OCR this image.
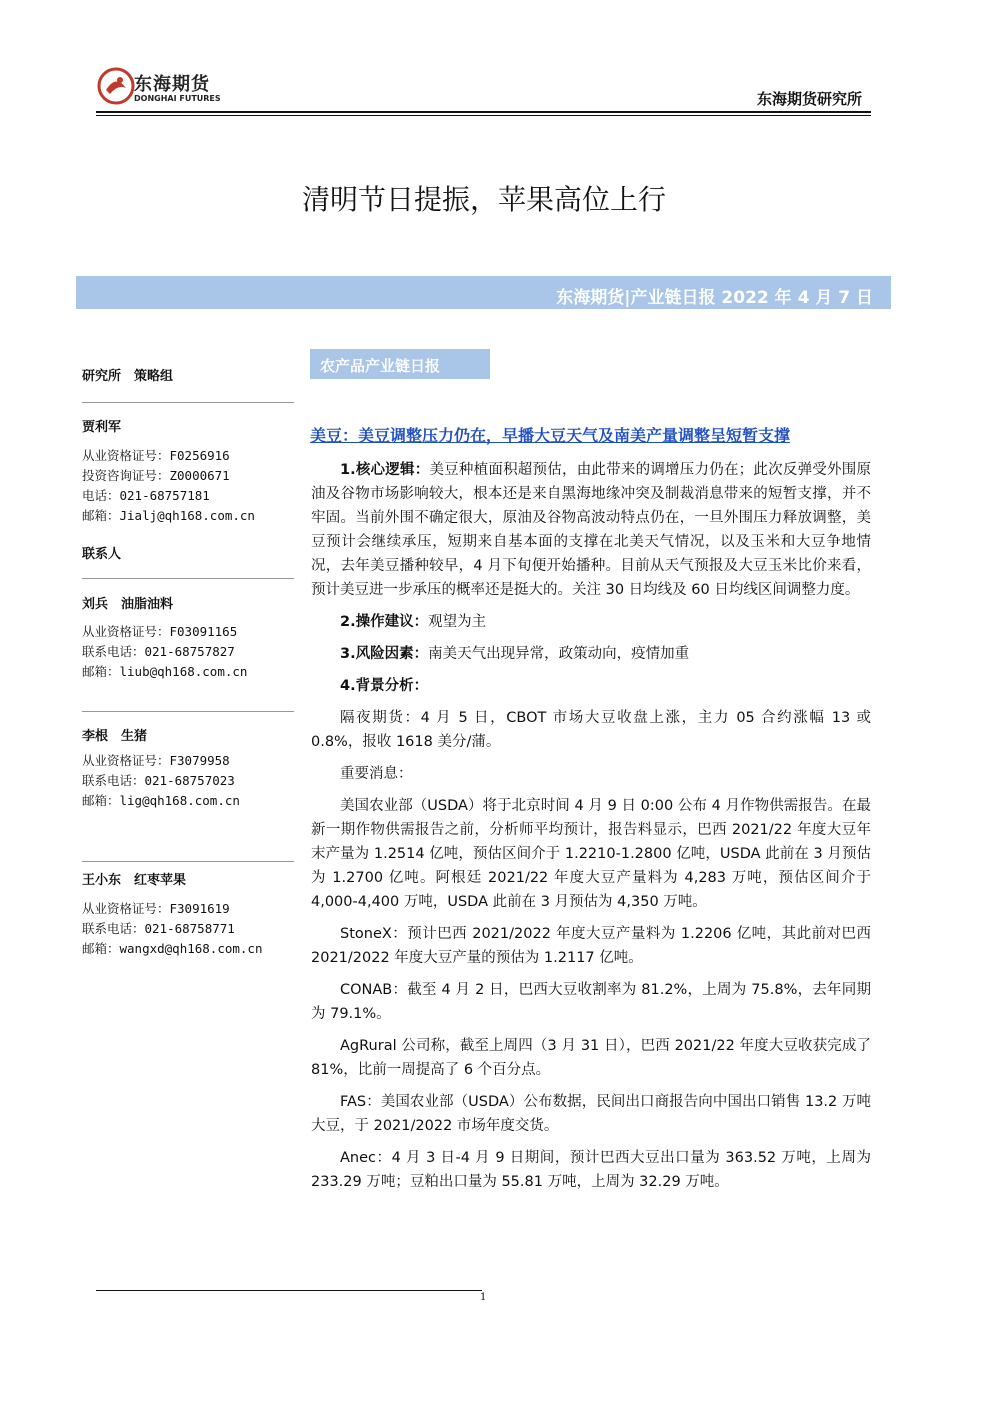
东海期货
DONGHAI FUTURES	东海期货研究所
清明节日提振，苹果高位上行
东海期货|产业链日报 2022 年 4 月 7 日
研究所　策略组
贾利军
从业资格证号：F0256916
投资咨询证号：Z0000671
电话：021-68757181
邮箱：Jialj@qh168.com.cn
联系人
刘兵　油脂油料
从业资格证号：F03091165
联系电话：021-68757827
邮箱：liub@qh168.com.cn
李根　生猪
从业资格证号：F3079958
联系电话：021-68757023
邮箱：lig@qh168.com.cn
王小东　红枣苹果
从业资格证号：F3091619
联系电话：021-68758771
邮箱：wangxd@qh168.com.cn
农产品产业链日报
美豆：美豆调整压力仍在，早播大豆天气及南美产量调整呈短暂支撑

1.核心逻辑：美豆种植面积超预估，由此带来的调增压力仍在；此次反弹受外围原油及谷物市场影响较大，根本还是来自黑海地缘冲突及制裁消息带来的短暂支撑，并不牢固。当前外围不确定很大，原油及谷物高波动特点仍在，一旦外围压力释放调整，美豆预计会继续承压，短期来自基本面的支撑在北美天气情况，以及玉米和大豆争地情况，去年美豆播种较早，4 月下旬便开始播种。目前从天气预报及大豆玉米比价来看，预计美豆进一步承压的概率还是挺大的。关注 30 日均线及 60 日均线区间调整力度。

2.操作建议：观望为主

3.风险因素：南美天气出现异常，政策动向，疫情加重

4.背景分析：

隔夜期货：4 月 5 日，CBOT 市场大豆收盘上涨，主力 05 合约涨幅 13 或 0.8%，报收 1618 美分/蒲。

重要消息：

美国农业部（USDA）将于北京时间 4 月 9 日 0:00 公布 4 月作物供需报告。在最新一期作物供需报告之前，分析师平均预计，报告料显示，巴西 2021/22 年度大豆年末产量为 1.2514 亿吨，预估区间介于 1.2210-1.2800 亿吨，USDA 此前在 3 月预估为 1.2700 亿吨。阿根廷 2021/22 年度大豆产量料为 4,283 万吨，预估区间介于 4,000-4,400 万吨，USDA 此前在 3 月预估为 4,350 万吨。

StoneX：预计巴西 2021/2022 年度大豆产量料为 1.2206 亿吨，其此前对巴西 2021/2022 年度大豆产量的预估为 1.2117 亿吨。

CONAB：截至 4 月 2 日，巴西大豆收割率为 81.2%，上周为 75.8%，去年同期为 79.1%。

AgRural 公司称，截至上周四（3 月 31 日），巴西 2021/22 年度大豆收获完成了 81%，比前一周提高了 6 个百分点。

FAS：美国农业部（USDA）公布数据，民间出口商报告向中国出口销售 13.2 万吨大豆，于 2021/2022 市场年度交货。

Anec：4 月 3 日-4 月 9 日期间，预计巴西大豆出口量为 363.52 万吨，上周为 233.29 万吨；豆粕出口量为 55.81 万吨，上周为 32.29 万吨。

1
